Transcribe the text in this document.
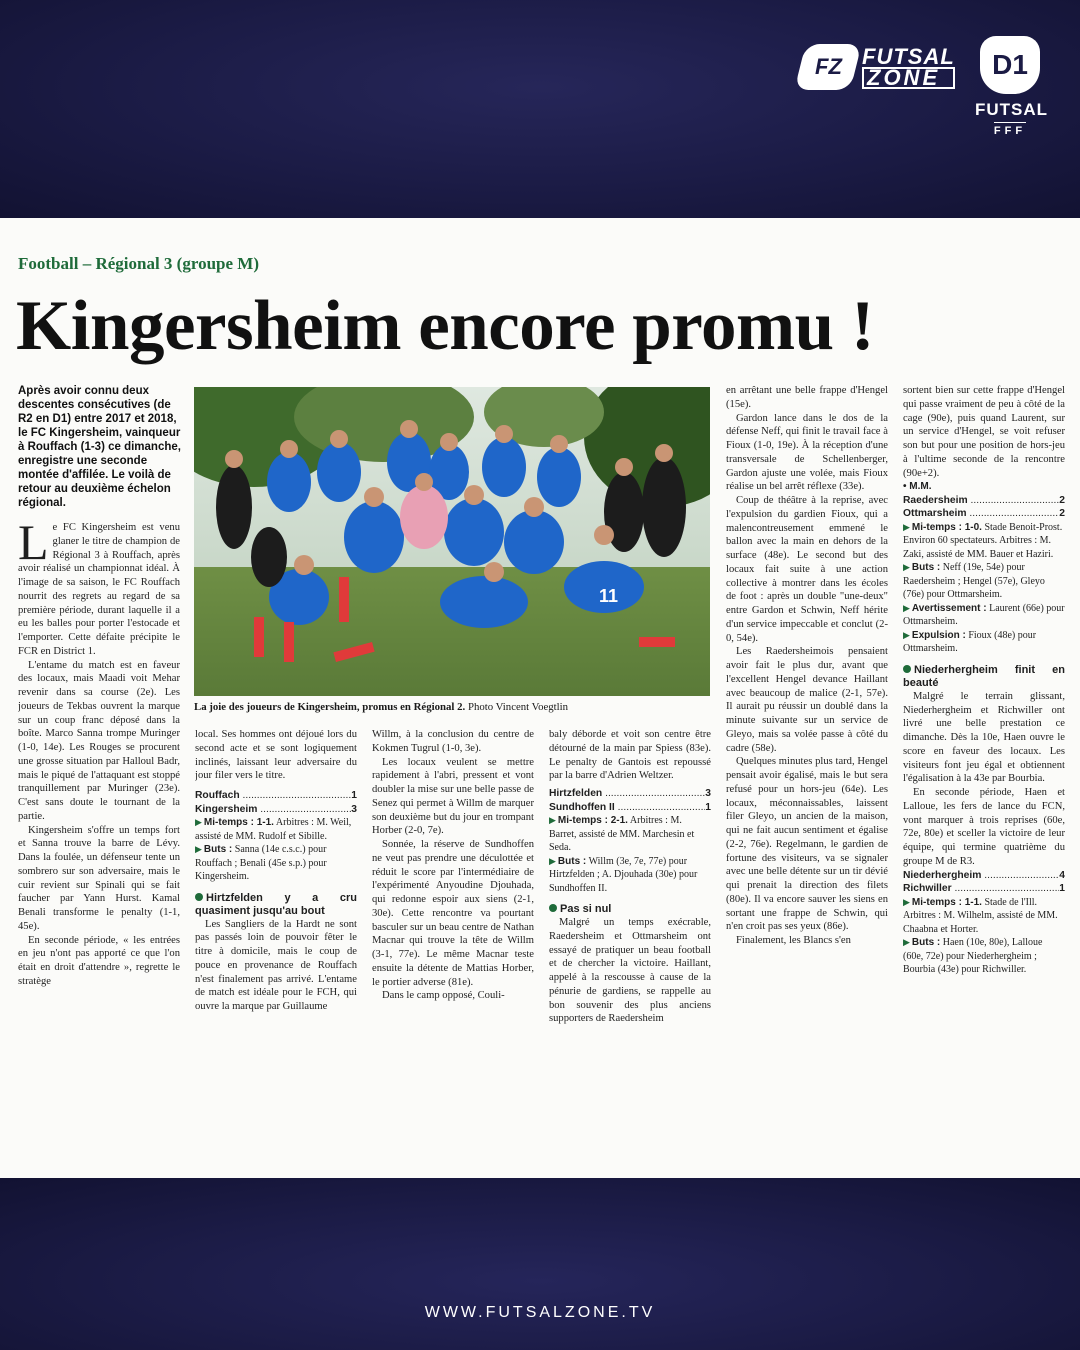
FZ FUTSAL
ZONE	D1
FUTSAL
FFF
Football – Régional 3 (groupe M)
Kingersheim encore promu !
Après avoir connu deux descentes consécutives (de R2 en D1) entre 2017 et 2018, le FC Kingersheim, vainqueur à Rouffach (1-3) ce dimanche, enregistre une seconde montée d'affilée. Le voilà de retour au deuxième échelon régional.

Le FC Kingersheim est venu glaner le titre de champion de Régional 3 à Rouffach, après avoir réalisé un championnat idéal. À l'image de sa saison, le FC Rouffach nourrit des regrets au regard de sa première période, durant laquelle il a eu les balles pour porter l'estocade et l'emporter. Cette défaite précipite le FCR en District 1.

L'entame du match est en faveur des locaux, mais Maadi voit Mehar revenir dans sa course (2e). Les joueurs de Tekbas ouvrent la marque sur un coup franc déposé dans la boîte. Marco Sanna trompe Muringer (1-0, 14e). Les Rouges se procurent une grosse situation par Halloul Badr, mais le piqué de l'attaquant est stoppé tranquillement par Muringer (23e). C'est sans doute le tournant de la partie.

Kingersheim s'offre un temps fort et Sanna trouve la barre de Lévy. Dans la foulée, un défenseur tente un sombrero sur son adversaire, mais le cuir revient sur Spinali qui se fait faucher par Yann Hurst. Kamal Benali transforme le penalty (1-1, 45e).

En seconde période, « les entrées en jeu n'ont pas apporté ce que l'on était en droit d'attendre », regrette le stratège

11
La joie des joueurs de Kingersheim, promus en Régional 2. Photo Vincent Voegtlin

local. Ses hommes ont déjoué lors du second acte et se sont logiquement inclinés, laissant leur adversaire du jour filer vers le titre.

Rouffach .....	1
Kingersheim .....	3
▶ Mi-temps : 1-1. Arbitres : M. Weil, assisté de MM. Rudolf et Sibille.
▶ Buts : Sanna (14e c.s.c.) pour Rouffach ; Benali (45e s.p.) pour Kingersheim.
Hirtzfelden y a cru quasiment jusqu'au bout

Les Sangliers de la Hardt ne sont pas passés loin de pouvoir fêter le titre à domicile, mais le coup de pouce en provenance de Rouffach n'est finalement pas arrivé. L'entame de match est idéale pour le FCH, qui ouvre la marque par Guillaume

Willm, à la conclusion du centre de Kokmen Tugrul (1-0, 3e).

Les locaux veulent se mettre rapidement à l'abri, pressent et vont doubler la mise sur une belle passe de Senez qui permet à Willm de marquer son deuxième but du jour en trompant Horber (2-0, 7e).

Sonnée, la réserve de Sundhoffen ne veut pas prendre une déculottée et réduit le score par l'intermédiaire de l'expérimenté Anyoudine Djouhada, qui redonne espoir aux siens (2-1, 30e). Cette rencontre va pourtant basculer sur un beau centre de Nathan Macnar qui trouve la tête de Willm (3-1, 77e). Le même Macnar teste ensuite la détente de Mattias Horber, le portier adverse (81e).

Dans le camp opposé, Couli-

baly déborde et voit son centre être détourné de la main par Spiess (83e). Le penalty de Gantois est repoussé par la barre d'Adrien Weltzer.

Hirtzfelden .....	3
Sundhoffen II .....	1
▶ Mi-temps : 2-1. Arbitres : M. Barret, assisté de MM. Marchesin et Seda.
▶ Buts : Willm (3e, 7e, 77e) pour Hirtzfelden ; A. Djouhada (30e) pour Sundhoffen II.
Pas si nul

Malgré un temps exécrable, Raedersheim et Ottmarsheim ont essayé de pratiquer un beau football et de chercher la victoire. Haillant, appelé à la rescousse à cause de la pénurie de gardiens, se rappelle au bon souvenir des plus anciens supporters de Raedersheim

en arrêtant une belle frappe d'Hengel (15e).

Gardon lance dans le dos de la défense Neff, qui finit le travail face à Fioux (1-0, 19e). À la réception d'une transversale de Schellenberger, Gardon ajuste une volée, mais Fioux réalise un bel arrêt réflexe (33e).

Coup de théâtre à la reprise, avec l'expulsion du gardien Fioux, qui a malencontreusement emmené le ballon avec la main en dehors de la surface (48e). Le second but des locaux fait suite à une action collective à montrer dans les écoles de foot : après un double "une-deux" entre Gardon et Schwin, Neff hérite d'un service impeccable et conclut (2-0, 54e).

Les Raedersheimois pensaient avoir fait le plus dur, avant que l'excellent Hengel devance Haillant avec beaucoup de malice (2-1, 57e). Il aurait pu réussir un doublé dans la minute suivante sur un service de Gleyo, mais sa volée passe à côté du cadre (58e).

Quelques minutes plus tard, Hengel pensait avoir égalisé, mais le but sera refusé pour un hors-jeu (64e). Les locaux, méconnaissables, laissent filer Gleyo, un ancien de la maison, qui ne fait aucun sentiment et égalise (2-2, 76e). Regelmann, le gardien de fortune des visiteurs, va se signaler avec une belle détente sur un tir dévié qui prenait la direction des filets (80e). Il va encore sauver les siens en sortant une frappe de Schwin, qui n'en croit pas ses yeux (86e).

Finalement, les Blancs s'en

sortent bien sur cette frappe d'Hengel qui passe vraiment de peu à côté de la cage (90e), puis quand Laurent, sur un service d'Hengel, se voit refuser son but pour une position de hors-jeu à l'ultime seconde de la rencontre (90e+2).

• M.M.
Raedersheim .....	2
Ottmarsheim .....	2
▶ Mi-temps : 1-0. Stade Benoit-Prost. Environ 60 spectateurs. Arbitres : M. Zaki, assisté de MM. Bauer et Haziri.
▶ Buts : Neff (19e, 54e) pour Raedersheim ; Hengel (57e), Gleyo (76e) pour Ottmarsheim.
▶ Avertissement : Laurent (66e) pour Ottmarsheim.
▶ Expulsion : Fioux (48e) pour Ottmarsheim.
Niederhergheim finit en beauté

Malgré le terrain glissant, Niederhergheim et Richwiller ont livré une belle prestation ce dimanche. Dès la 10e, Haen ouvre le score en faveur des locaux. Les visiteurs font jeu égal et obtiennent l'égalisation à la 43e par Bourbia.

En seconde période, Haen et Lalloue, les fers de lance du FCN, vont marquer à trois reprises (60e, 72e, 80e) et sceller la victoire de leur équipe, qui termine quatrième du groupe M de R3.

Niederhergheim .....	4
Richwiller .....	1
▶ Mi-temps : 1-1. Stade de l'Ill. Arbitres : M. Wilhelm, assisté de MM. Chaabna et Horter.
▶ Buts : Haen (10e, 80e), Lalloue (60e, 72e) pour Niederhergheim ; Bourbia (43e) pour Richwiller.
WWW.FUTSALZONE.TV
